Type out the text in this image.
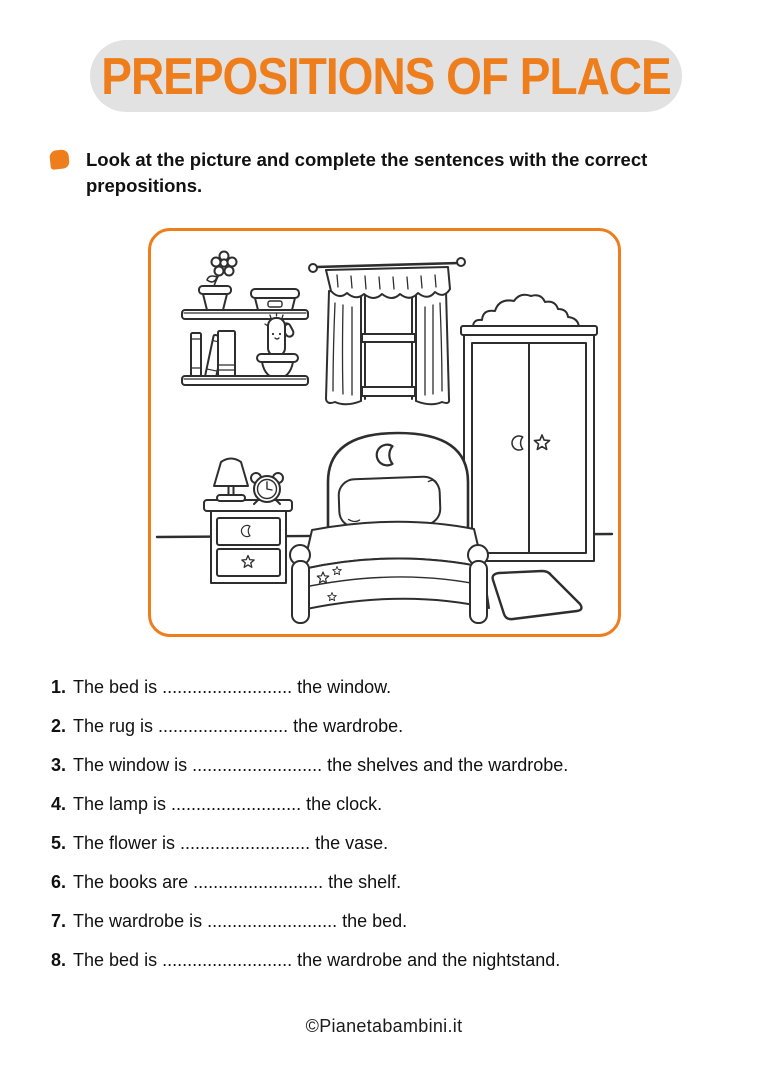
PREPOSITIONS OF PLACE

Look at the picture and complete the sentences with the correct prepositions.

1. The bed is .......................... the window.
2. The rug is .......................... the wardrobe.
3. The window is .......................... the shelves and the wardrobe.
4. The lamp is .......................... the clock.
5. The flower is .......................... the vase.
6. The books are .......................... the shelf.
7. The wardrobe is .......................... the bed.
8. The bed is .......................... the wardrobe and the nightstand.
©Pianetabambini.it
